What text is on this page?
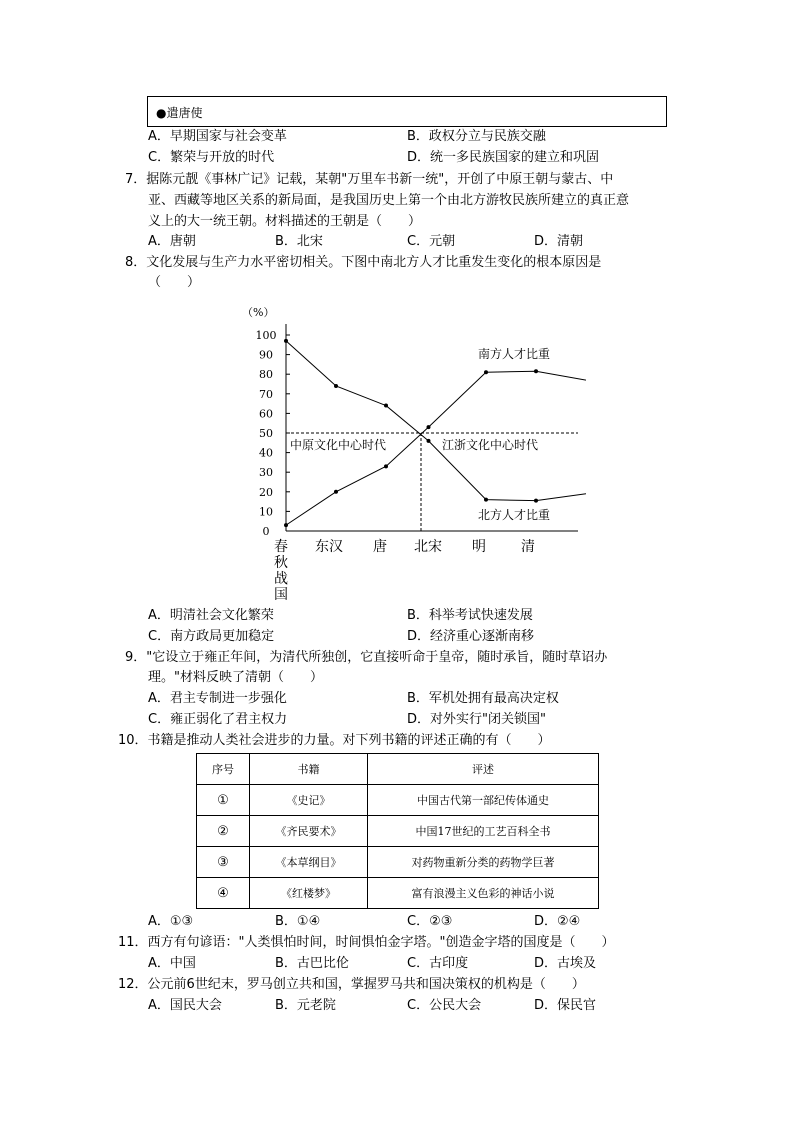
●遣唐使
A．早期国家与社会变革	B．政权分立与民族交融
C．繁荣与开放的时代	D．统一多民族国家的建立和巩固
7．据陈元靓《事林广记》记载，某朝"万里车书新一统"，开创了中原王朝与蒙古、中
亚、西藏等地区关系的新局面，是我国历史上第一个由北方游牧民族所建立的真正意
义上的大一统王朝。材料描述的王朝是（　　）
A．唐朝	B．北宋	C．元朝	D．清朝
8．文化发展与生产力水平密切相关。下图中南北方人才比重发生变化的根本原因是
（　　）
（%）
0
10
20
30
40
50
60
70
80
90
100
春
秋
战
国
东汉 唐 北宋 明	清
中原文化中心时代	江浙文化中心时代
南方人才比重
北方人才比重
A．明清社会文化繁荣	B．科举考试快速发展
C．南方政局更加稳定	D．经济重心逐渐南移
9．"它设立于雍正年间，为清代所独创，它直接听命于皇帝，随时承旨，随时草诏办
理。"材料反映了清朝（　　）
A．君主专制进一步强化	B．军机处拥有最高决定权
C．雍正弱化了君主权力	D．对外实行"闭关锁国"
10．书籍是推动人类社会进步的力量。对下列书籍的评述正确的有（　　）
序号	书籍	评述
①	《史记》	中国古代第一部纪传体通史
②	《齐民要术》	中国17世纪的工艺百科全书
③	《本草纲目》	对药物重新分类的药物学巨著
④	《红楼梦》	富有浪漫主义色彩的神话小说
A．①③	B．①④	C．②③	D．②④
11．西方有句谚语："人类惧怕时间，时间惧怕金字塔。"创造金字塔的国度是（　　）
A．中国	B．古巴比伦	C．古印度	D．古埃及
12．公元前6世纪末，罗马创立共和国，掌握罗马共和国决策权的机构是（　　）
A．国民大会	B．元老院	C．公民大会	D．保民官
